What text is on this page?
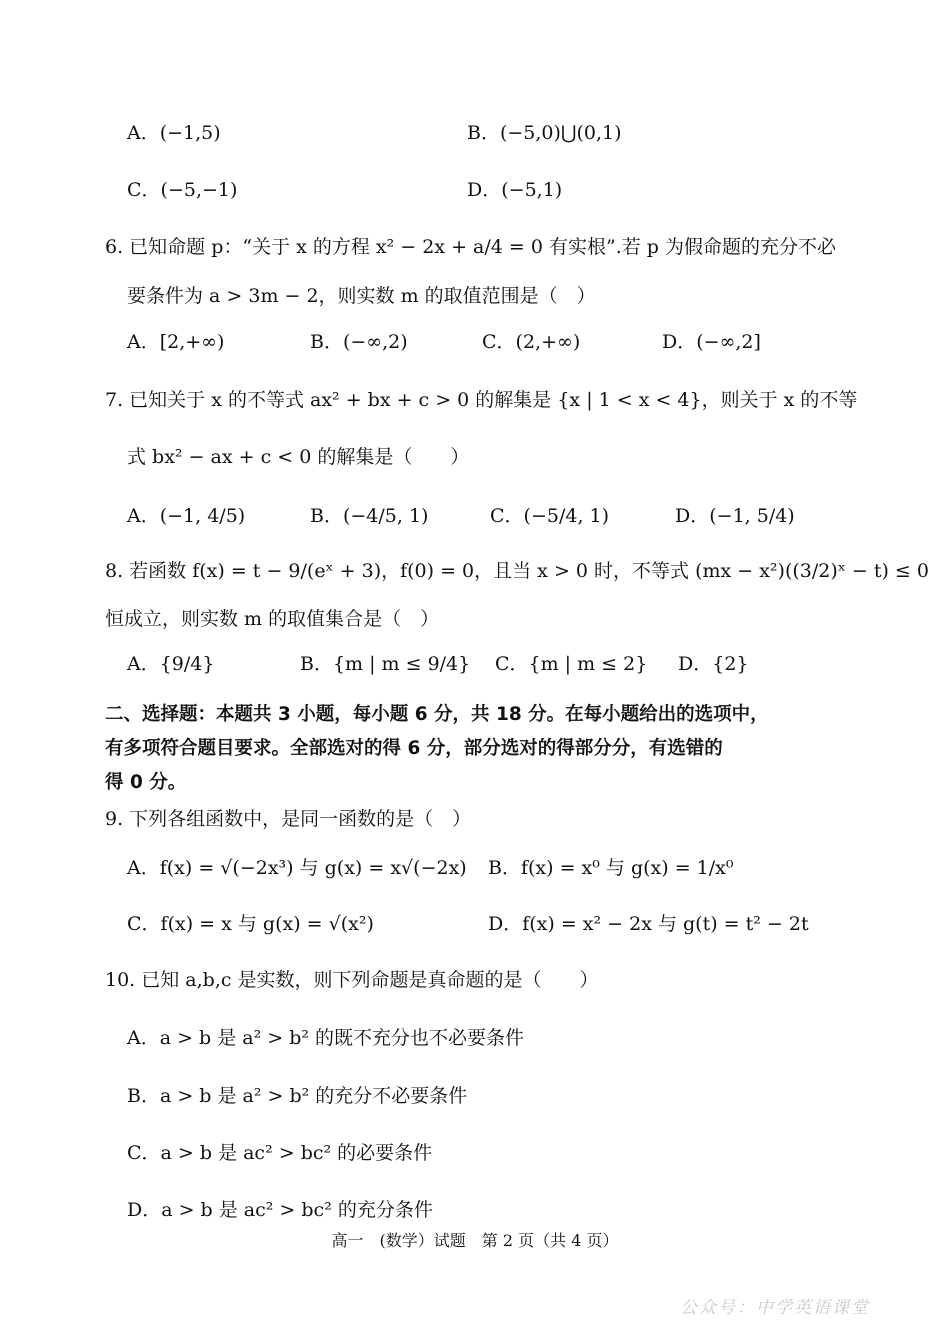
A．(−1,5)	B．(−5,0)⋃(0,1)
C．(−5,−1)	D．(−5,1)
6. 已知命题 p：“关于 x 的方程 x² − 2x + a/4 = 0 有实根”.若 p 为假命题的充分不必
要条件为 a > 3m − 2，则实数 m 的取值范围是（　）
A．[2,+∞)	B．(−∞,2)	C．(2,+∞)	D．(−∞,2]
7. 已知关于 x 的不等式 ax² + bx + c > 0 的解集是 {x | 1 < x < 4}，则关于 x 的不等
式 bx² − ax + c < 0 的解集是（　　）
A．(−1, 4/5)	B．(−4/5, 1)	C．(−5/4, 1)	D．(−1, 5/4)
8. 若函数 f(x) = t − 9/(eˣ + 3)，f(0) = 0，且当 x > 0 时，不等式 (mx − x²)((3/2)ˣ − t) ≤ 0
恒成立，则实数 m 的取值集合是（　）
A．{9/4}	B．{m | m ≤ 9/4} C．{m | m ≤ 2} D．{2}
二、选择题：本题共 3 小题，每小题 6 分，共 18 分。在每小题给出的选项中，
有多项符合题目要求。全部选对的得 6 分，部分选对的得部分分，有选错的
得 0 分。
9. 下列各组函数中，是同一函数的是（　）
A．f(x) = √(−2x³) 与 g(x) = x√(−2x) B．f(x) = x⁰ 与 g(x) = 1/x⁰
C．f(x) = x 与 g(x) = √(x²)	D．f(x) = x² − 2x 与 g(t) = t² − 2t
10. 已知 a,b,c 是实数，则下列命题是真命题的是（　　）
A．a > b 是 a² > b² 的既不充分也不必要条件
B．a > b 是 a² > b² 的充分不必要条件
C．a > b 是 ac² > bc² 的必要条件
D．a > b 是 ac² > bc² 的充分条件
高一　(数学）试题　第 2 页（共 4 页）
公众号：中学英语课堂
